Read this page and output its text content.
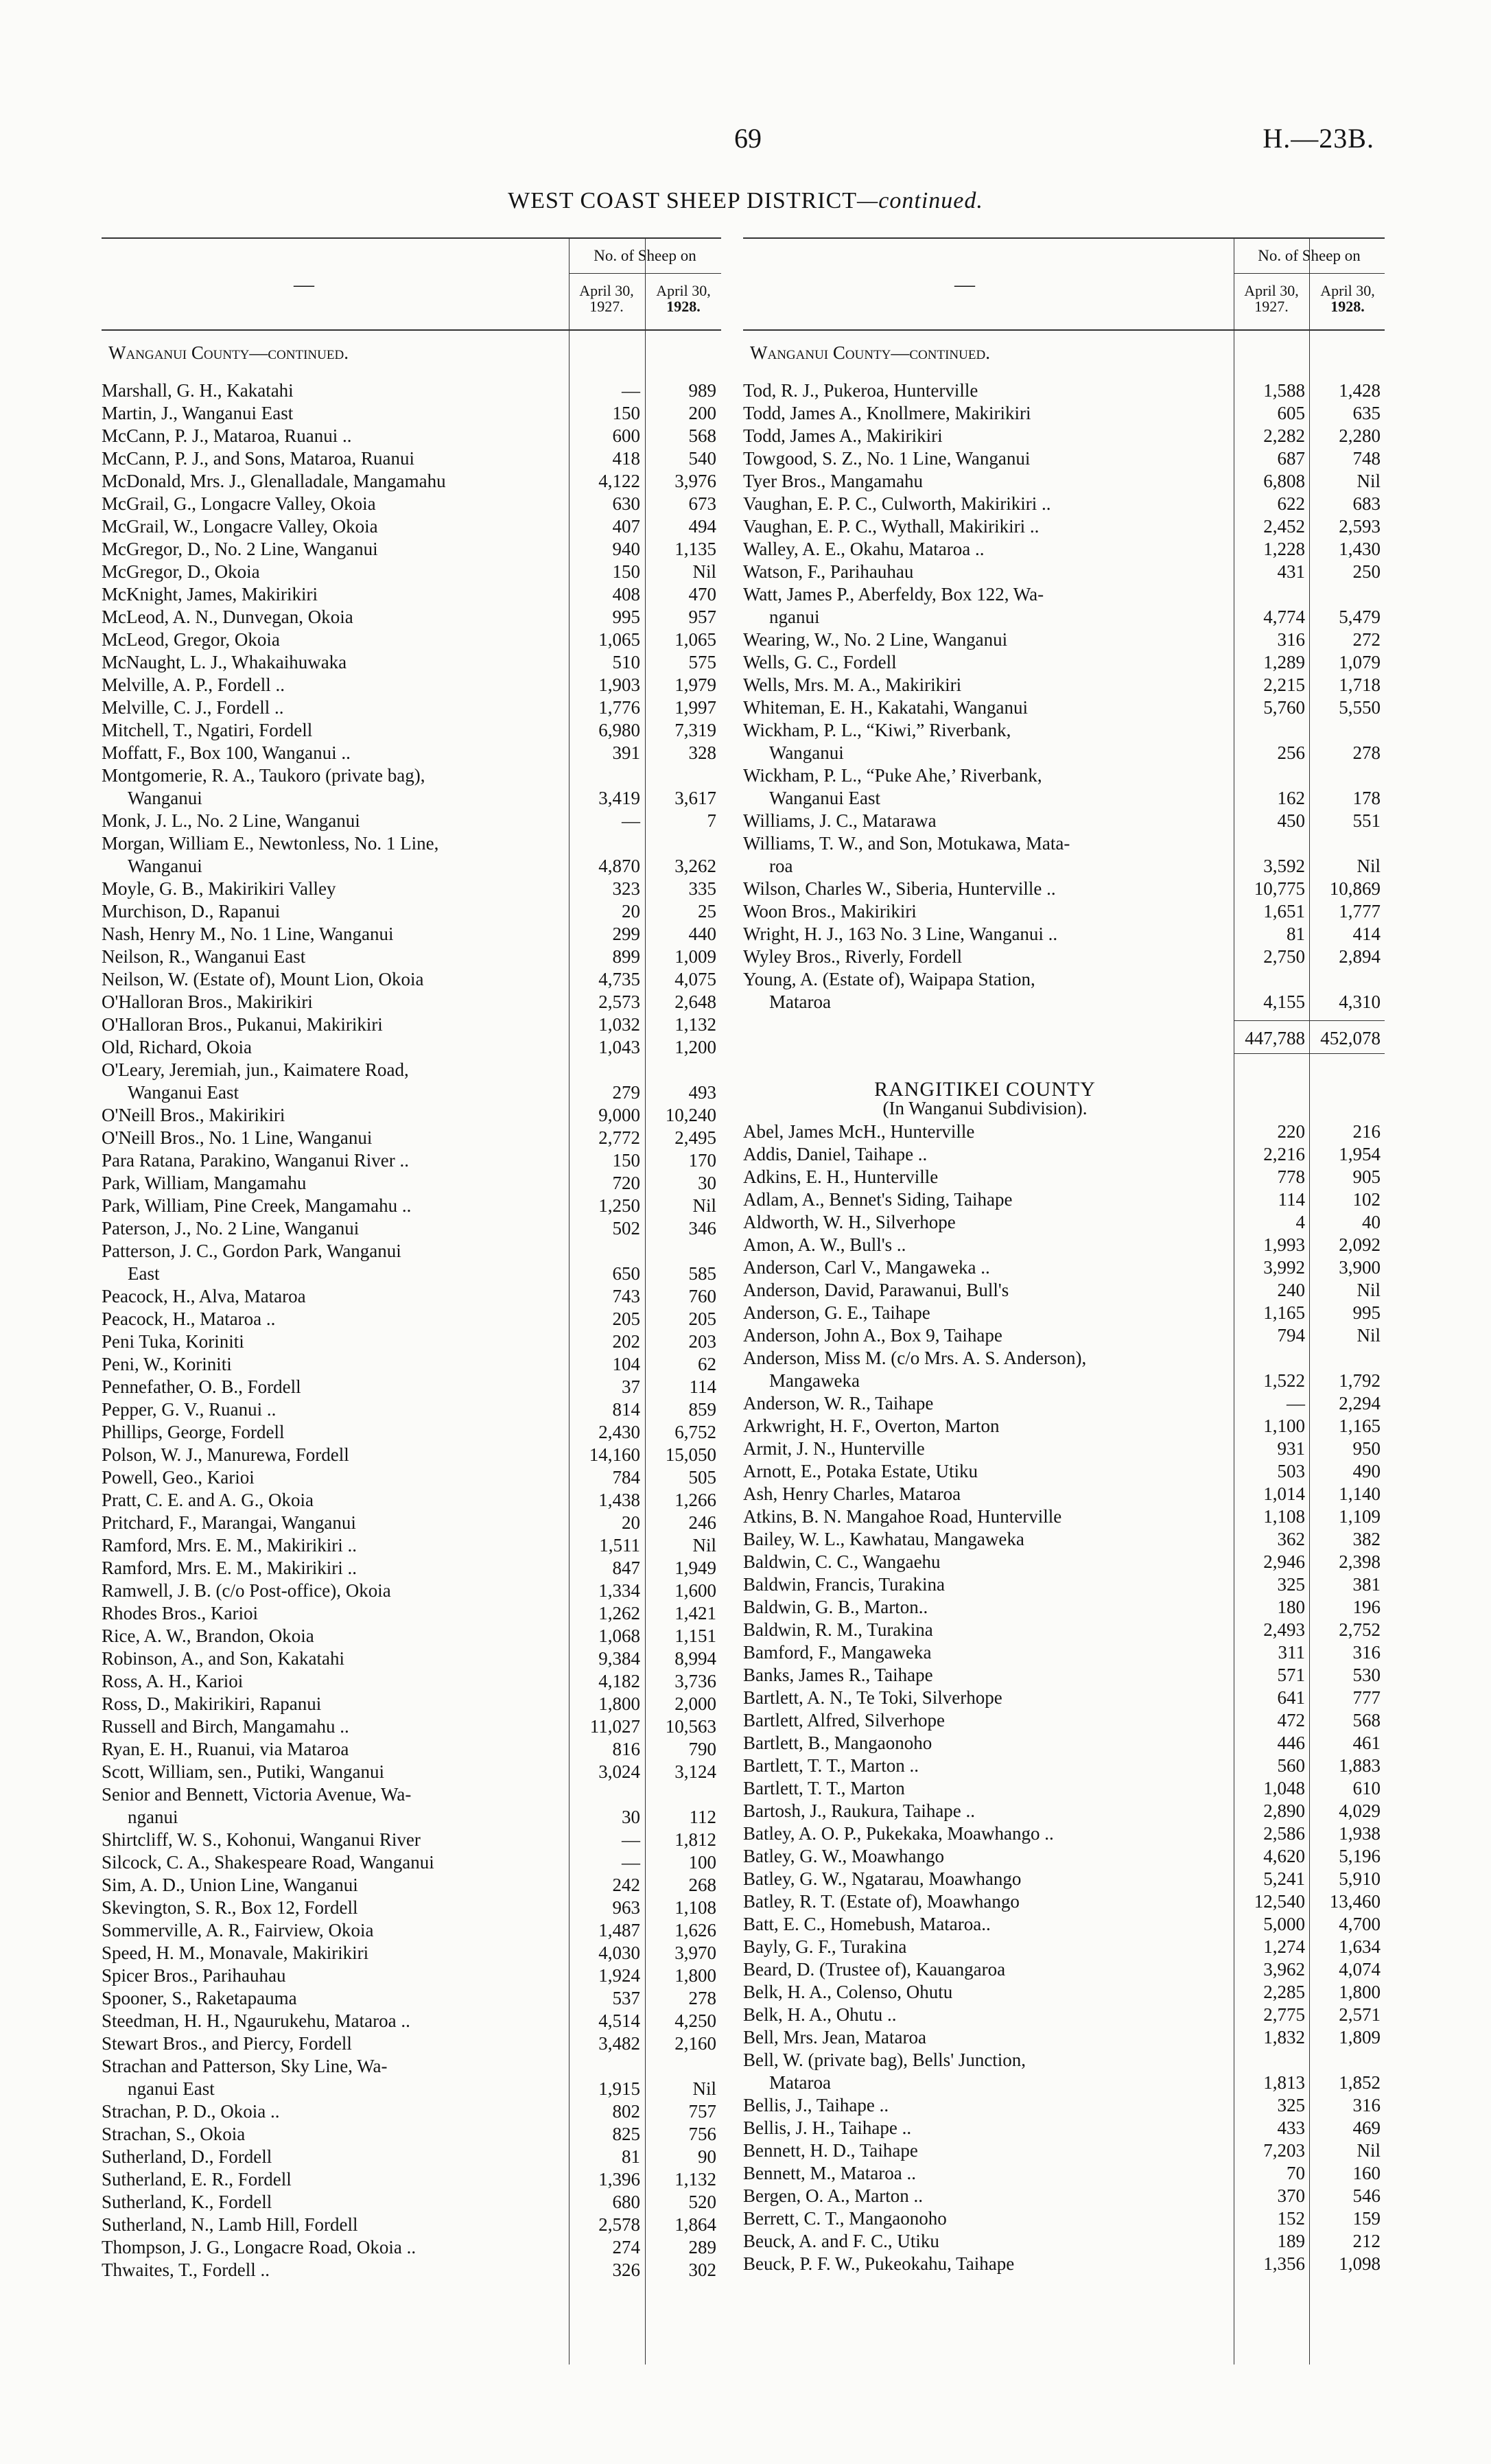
69	H.—23B.
WEST COAST SHEEP DISTRICT—continued.
—
No. of Sheep on
April 30,
1927.
April 30,
1928.
Wanganui County—continued.
Marshall, G. H., Kakatahi	—	989
Martin, J., Wanganui East	150	200
McCann, P. J., Mataroa, Ruanui ..	600	568
McCann, P. J., and Sons, Mataroa, Ruanui	418	540
McDonald, Mrs. J., Glenalladale, Mangamahu	4,122	3,976
McGrail, G., Longacre Valley, Okoia	630	673
McGrail, W., Longacre Valley, Okoia	407	494
McGregor, D., No. 2 Line, Wanganui	940	1,135
McGregor, D., Okoia	150	Nil
McKnight, James, Makirikiri	408	470
McLeod, A. N., Dunvegan, Okoia	995	957
McLeod, Gregor, Okoia	1,065	1,065
McNaught, L. J., Whakaihuwaka	510	575
Melville, A. P., Fordell ..	1,903	1,979
Melville, C. J., Fordell ..	1,776	1,997
Mitchell, T., Ngatiri, Fordell	6,980	7,319
Moffatt, F., Box 100, Wanganui ..	391	328
Montgomerie, R. A., Taukoro (private bag),
Wanganui	3,419	3,617
Monk, J. L., No. 2 Line, Wanganui	—	7
Morgan, William E., Newtonless, No. 1 Line,
Wanganui	4,870	3,262
Moyle, G. B., Makirikiri Valley	323	335
Murchison, D., Rapanui	20	25
Nash, Henry M., No. 1 Line, Wanganui	299	440
Neilson, R., Wanganui East	899	1,009
Neilson, W. (Estate of), Mount Lion, Okoia	4,735	4,075
O'Halloran Bros., Makirikiri	2,573	2,648
O'Halloran Bros., Pukanui, Makirikiri	1,032	1,132
Old, Richard, Okoia	1,043	1,200
O'Leary, Jeremiah, jun., Kaimatere Road,
Wanganui East	279	493
O'Neill Bros., Makirikiri	9,000	10,240
O'Neill Bros., No. 1 Line, Wanganui	2,772	2,495
Para Ratana, Parakino, Wanganui River ..	150	170
Park, William, Mangamahu	720	30
Park, William, Pine Creek, Mangamahu ..	1,250	Nil
Paterson, J., No. 2 Line, Wanganui	502	346
Patterson, J. C., Gordon Park, Wanganui
East	650	585
Peacock, H., Alva, Mataroa	743	760
Peacock, H., Mataroa ..	205	205
Peni Tuka, Koriniti	202	203
Peni, W., Koriniti	104	62
Pennefather, O. B., Fordell	37	114
Pepper, G. V., Ruanui ..	814	859
Phillips, George, Fordell	2,430	6,752
Polson, W. J., Manurewa, Fordell	14,160	15,050
Powell, Geo., Karioi	784	505
Pratt, C. E. and A. G., Okoia	1,438	1,266
Pritchard, F., Marangai, Wanganui	20	246
Ramford, Mrs. E. M., Makirikiri ..	1,511	Nil
Ramford, Mrs. E. M., Makirikiri ..	847	1,949
Ramwell, J. B. (c/o Post-office), Okoia	1,334	1,600
Rhodes Bros., Karioi	1,262	1,421
Rice, A. W., Brandon, Okoia	1,068	1,151
Robinson, A., and Son, Kakatahi	9,384	8,994
Ross, A. H., Karioi	4,182	3,736
Ross, D., Makirikiri, Rapanui	1,800	2,000
Russell and Birch, Mangamahu ..	11,027	10,563
Ryan, E. H., Ruanui, via Mataroa	816	790
Scott, William, sen., Putiki, Wanganui	3,024	3,124
Senior and Bennett, Victoria Avenue, Wa-
nganui	30	112
Shirtcliff, W. S., Kohonui, Wanganui River	—	1,812
Silcock, C. A., Shakespeare Road, Wanganui	—	100
Sim, A. D., Union Line, Wanganui	242	268
Skevington, S. R., Box 12, Fordell	963	1,108
Sommerville, A. R., Fairview, Okoia	1,487	1,626
Speed, H. M., Monavale, Makirikiri	4,030	3,970
Spicer Bros., Parihauhau	1,924	1,800
Spooner, S., Raketapauma	537	278
Steedman, H. H., Ngaurukehu, Mataroa ..	4,514	4,250
Stewart Bros., and Piercy, Fordell	3,482	2,160
Strachan and Patterson, Sky Line, Wa-
nganui East	1,915	Nil
Strachan, P. D., Okoia ..	802	757
Strachan, S., Okoia	825	756
Sutherland, D., Fordell	81	90
Sutherland, E. R., Fordell	1,396	1,132
Sutherland, K., Fordell	680	520
Sutherland, N., Lamb Hill, Fordell	2,578	1,864
Thompson, J. G., Longacre Road, Okoia ..	274	289
Thwaites, T., Fordell ..	326	302
—
No. of Sheep on
April 30,
1927.
April 30,
1928.
Wanganui County—continued.
Tod, R. J., Pukeroa, Hunterville	1,588	1,428
Todd, James A., Knollmere, Makirikiri	605	635
Todd, James A., Makirikiri	2,282	2,280
Towgood, S. Z., No. 1 Line, Wanganui	687	748
Tyer Bros., Mangamahu	6,808	Nil
Vaughan, E. P. C., Culworth, Makirikiri ..	622	683
Vaughan, E. P. C., Wythall, Makirikiri ..	2,452	2,593
Walley, A. E., Okahu, Mataroa ..	1,228	1,430
Watson, F., Parihauhau	431	250
Watt, James P., Aberfeldy, Box 122, Wa-
nganui	4,774	5,479
Wearing, W., No. 2 Line, Wanganui	316	272
Wells, G. C., Fordell	1,289	1,079
Wells, Mrs. M. A., Makirikiri	2,215	1,718
Whiteman, E. H., Kakatahi, Wanganui	5,760	5,550
Wickham, P. L., “Kiwi,” Riverbank,
Wanganui	256	278
Wickham, P. L., “Puke Ahe,’ Riverbank,
Wanganui East	162	178
Williams, J. C., Matarawa	450	551
Williams, T. W., and Son, Motukawa, Mata-
roa	3,592	Nil
Wilson, Charles W., Siberia, Hunterville ..	10,775	10,869
Woon Bros., Makirikiri	1,651	1,777
Wright, H. J., 163 No. 3 Line, Wanganui ..	81	414
Wyley Bros., Riverly, Fordell	2,750	2,894
Young, A. (Estate of), Waipapa Station,
Mataroa	4,155	4,310
447,788 452,078
RANGITIKEI COUNTY
(In Wanganui Subdivision).
Abel, James McH., Hunterville	220	216
Addis, Daniel, Taihape ..	2,216	1,954
Adkins, E. H., Hunterville	778	905
Adlam, A., Bennet's Siding, Taihape	114	102
Aldworth, W. H., Silverhope	4	40
Amon, A. W., Bull's ..	1,993	2,092
Anderson, Carl V., Mangaweka ..	3,992	3,900
Anderson, David, Parawanui, Bull's	240	Nil
Anderson, G. E., Taihape	1,165	995
Anderson, John A., Box 9, Taihape	794	Nil
Anderson, Miss M. (c/o Mrs. A. S. Anderson),
Mangaweka	1,522	1,792
Anderson, W. R., Taihape	—	2,294
Arkwright, H. F., Overton, Marton	1,100	1,165
Armit, J. N., Hunterville	931	950
Arnott, E., Potaka Estate, Utiku	503	490
Ash, Henry Charles, Mataroa	1,014	1,140
Atkins, B. N. Mangahoe Road, Hunterville	1,108	1,109
Bailey, W. L., Kawhatau, Mangaweka	362	382
Baldwin, C. C., Wangaehu	2,946	2,398
Baldwin, Francis, Turakina	325	381
Baldwin, G. B., Marton..	180	196
Baldwin, R. M., Turakina	2,493	2,752
Bamford, F., Mangaweka	311	316
Banks, James R., Taihape	571	530
Bartlett, A. N., Te Toki, Silverhope	641	777
Bartlett, Alfred, Silverhope	472	568
Bartlett, B., Mangaonoho	446	461
Bartlett, T. T., Marton ..	560	1,883
Bartlett, T. T., Marton	1,048	610
Bartosh, J., Raukura, Taihape ..	2,890	4,029
Batley, A. O. P., Pukekaka, Moawhango ..	2,586	1,938
Batley, G. W., Moawhango	4,620	5,196
Batley, G. W., Ngatarau, Moawhango	5,241	5,910
Batley, R. T. (Estate of), Moawhango	12,540	13,460
Batt, E. C., Homebush, Mataroa..	5,000	4,700
Bayly, G. F., Turakina	1,274	1,634
Beard, D. (Trustee of), Kauangaroa	3,962	4,074
Belk, H. A., Colenso, Ohutu	2,285	1,800
Belk, H. A., Ohutu ..	2,775	2,571
Bell, Mrs. Jean, Mataroa	1,832	1,809
Bell, W. (private bag), Bells' Junction,
Mataroa	1,813	1,852
Bellis, J., Taihape ..	325	316
Bellis, J. H., Taihape ..	433	469
Bennett, H. D., Taihape	7,203	Nil
Bennett, M., Mataroa ..	70	160
Bergen, O. A., Marton ..	370	546
Berrett, C. T., Mangaonoho	152	159
Beuck, A. and F. C., Utiku	189	212
Beuck, P. F. W., Pukeokahu, Taihape	1,356	1,098
